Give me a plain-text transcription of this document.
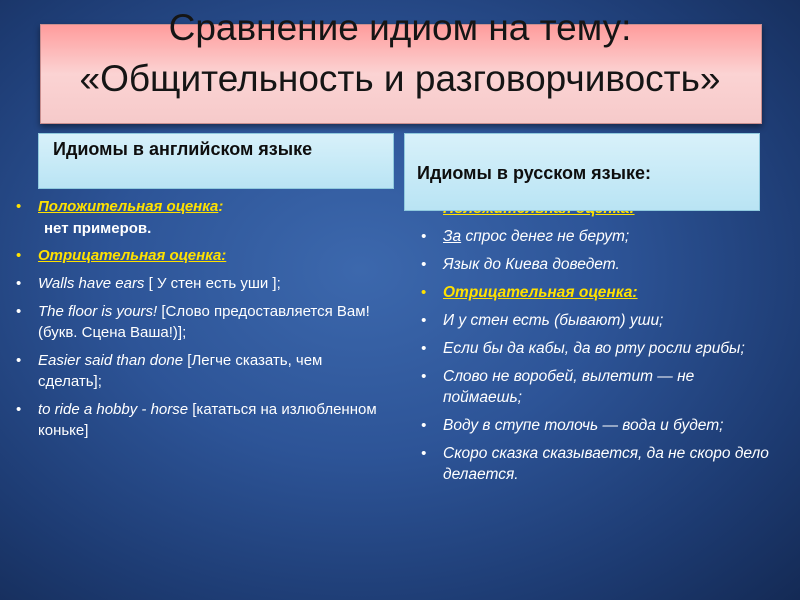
Сравнение идиом на тему:
«Общительность и разговорчивость»
Идиомы в английском языке
Идиомы в русском языке:
• Положительная оценка:
нет примеров.
• Отрицательная оценка:
• Walls have ears [ У стен есть уши ];
• The floor is yours! [Слово предоставляется Вам! (букв. Сцена Ваша!)];
• Easier said than done [Легче сказать, чем сделать];
• to ride a hobby - horse [кататься на излюбленном коньке]
• За спрос денег не берут;
• Язык до Киева доведет.
• Отрицательная оценка:
• И у стен есть (бывают) уши;
• Если бы да кабы, да во рту росли грибы;
• Слово не воробей, вылетит — не поймаешь;
• Воду в ступе толочь — вода и будет;
• Скоро сказка сказывается, да не скоро дело делается.
